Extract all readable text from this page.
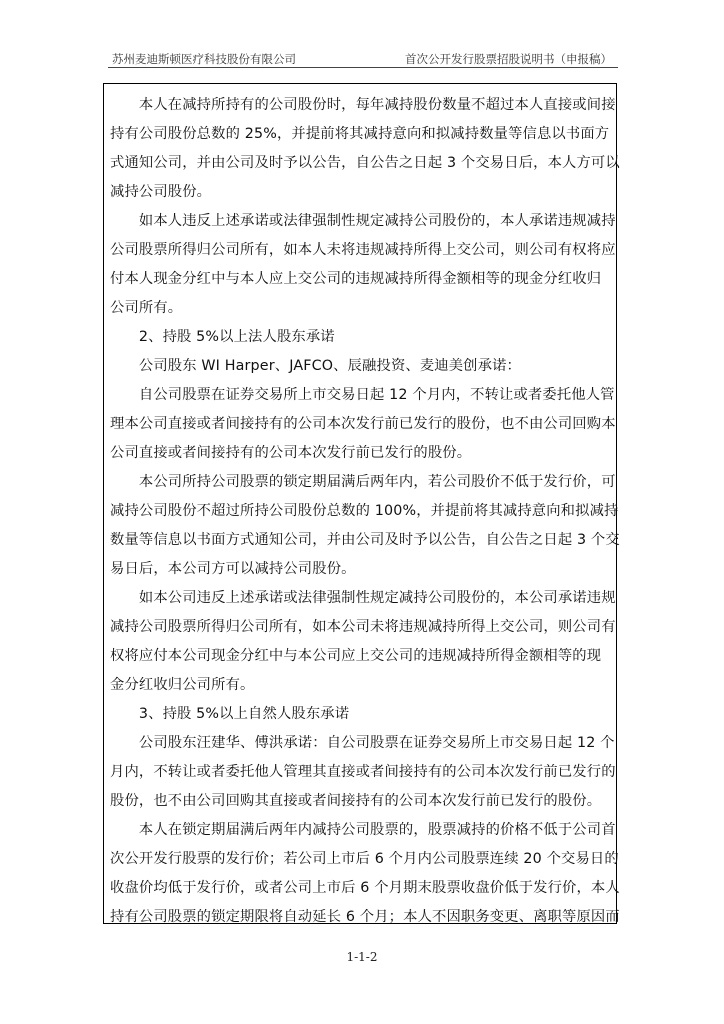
苏州麦迪斯顿医疗科技股份有限公司	首次公开发行股票招股说明书（申报稿）

　　本人在减持所持有的公司股份时，每年减持股份数量不超过本人直接或间接
持有公司股份总数的 25%，并提前将其减持意向和拟减持数量等信息以书面方
式通知公司，并由公司及时予以公告，自公告之日起 3 个交易日后，本人方可以
减持公司股份。

　　如本人违反上述承诺或法律强制性规定减持公司股份的，本人承诺违规减持
公司股票所得归公司所有，如本人未将违规减持所得上交公司，则公司有权将应
付本人现金分红中与本人应上交公司的违规减持所得金额相等的现金分红收归
公司所有。

　　2、持股 5%以上法人股东承诺

　　公司股东 WI Harper、JAFCO、辰融投资、麦迪美创承诺：

　　自公司股票在证券交易所上市交易日起 12 个月内，不转让或者委托他人管
理本公司直接或者间接持有的公司本次发行前已发行的股份，也不由公司回购本
公司直接或者间接持有的公司本次发行前已发行的股份。

　　本公司所持公司股票的锁定期届满后两年内，若公司股价不低于发行价，可
减持公司股份不超过所持公司股份总数的 100%，并提前将其减持意向和拟减持
数量等信息以书面方式通知公司，并由公司及时予以公告，自公告之日起 3 个交
易日后，本公司方可以减持公司股份。

　　如本公司违反上述承诺或法律强制性规定减持公司股份的，本公司承诺违规
减持公司股票所得归公司所有，如本公司未将违规减持所得上交公司，则公司有
权将应付本公司现金分红中与本公司应上交公司的违规减持所得金额相等的现
金分红收归公司所有。

　　3、持股 5%以上自然人股东承诺

　　公司股东汪建华、傅洪承诺：自公司股票在证券交易所上市交易日起 12 个
月内，不转让或者委托他人管理其直接或者间接持有的公司本次发行前已发行的
股份，也不由公司回购其直接或者间接持有的公司本次发行前已发行的股份。

　　本人在锁定期届满后两年内减持公司股票的，股票减持的价格不低于公司首
次公开发行股票的发行价；若公司上市后 6 个月内公司股票连续 20 个交易日的
收盘价均低于发行价，或者公司上市后 6 个月期末股票收盘价低于发行价，本人
持有公司股票的锁定期限将自动延长 6 个月；本人不因职务变更、离职等原因而

1-1-2
